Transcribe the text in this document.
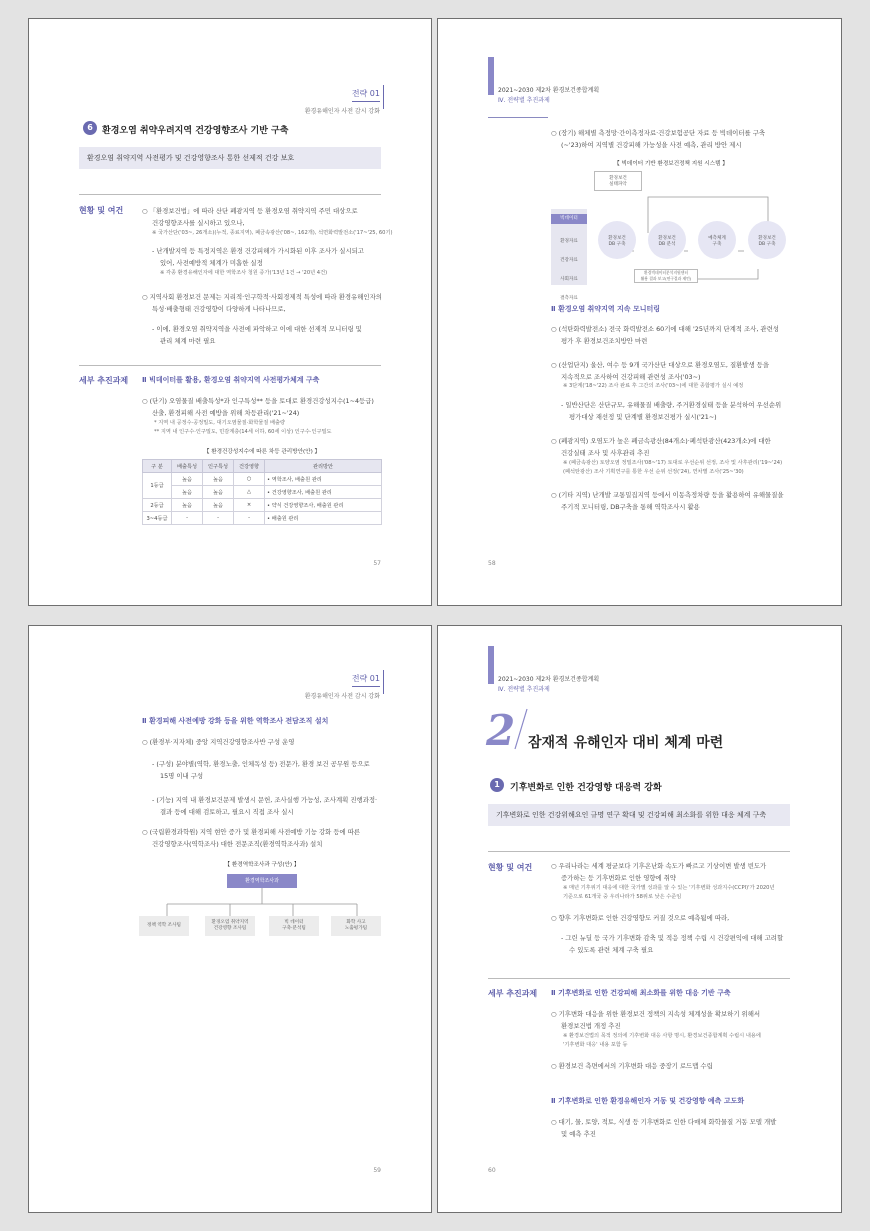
전략 01
환경유해인자 사전 감시 강화
6	환경오염 취약우려지역 건강영향조사 기반 구축
환경오염 취약지역 사전평가 및 건강영향조사 통한 선제적 건강 보호
현황 및 여건	○ 「환경보건법」에 따라 산단 폐광지역 등 환경오염 취약지역 주민 대상으로
건강영향조사를 실시하고 있으나,
※ 국가산단('03~, 26개소)(누적, 종료지역), 폐금속광산('08~, 162개), 석면화력발전소('17~'25, 60기)
- 난개발지역 등 특정지역은 환경 건강피해가 가시화된 이후 조사가 실시되고
있어, 사전예방적 체계가 미흡한 실정
※ 각종 환경유해인자에 대한 역학조사 청원 증가('13년 1건 → '20년 4건)
○ 지역사회 환경보건 문제는 지리적·인구학적·사회경제적 특성에 따라 환경유해인자의
특성·배출형태 건강영향이 다양하게 나타나므로,
- 이에, 환경오염 취약지역을 사전에 파악하고 이에 대한 선제적 모니터링 및
관리 체계 마련 필요
세부 추진과제 Ⅱ 빅데이터를 활용, 환경오염 취약지역 사전평가체계 구축
○ (단기) 오염물질 배출특성*과 인구특성** 등을 토대로 환경건강성지수(1~4등급)
산출, 환경피해 사전 예방을 위해 차등관리('21~'24)
* 지역 내 공정수·공정밀도, 대기오염물질·화학물질 배출량
** 지역 내 인구수·인구밀도, 민감계층(14세 이하, 60세 이상) 인구수·인구밀도
【 환경건강성지수에 따른 차등 관리방안(안) 】
구 분	배출특성	인구특성	건강영향	관리방안
1등급	높음	높음	○	• 역학조사, 배출원 관리
	높음	높음	△	• 건강영향조사, 배출원 관리
2등급	높음	높음	×	• 약식 건강영향조사, 배출원 관리
3~4등급	-	-	-	• 배출원 관리
57
2021~2030 제2차 환경보건종합계획
Ⅳ. 전략별 추진과제
○ (장기) 해체별 측정망·간이측정자료·건강보험공단 자료 등 빅데이터를 구축
(~'23)하여 지역별 건강피해 가능성을 사전 예측, 관리 방안 제시
【 빅데이터 기반 환경보건정책 지원 시스템 】
환경보건
실태파악

빅데이터

환경자료

건강자료

사회자료

결측자료

환경보건
DB 구축
환경보건
DB 분석
예측체계
구축
환경보건
DB 구축
환경빅데이터분석지원센터
활용 결과 보고(연구결과 제언)
Ⅱ 환경오염 취약지역 지속 모니터링
○ (석탄화력발전소) 전국 화력발전소 60기에 대해 '25년까지 단계적 조사, 관련성
평가 후 환경보건조치방안 마련
○ (산업단지) 울산, 여수 등 9개 국가산단 대상으로 환경오염도, 질환발생 등을
지속적으로 조사하여 건강피해 관련성 조사('03~)
※ 3단계('18~'22) 조사 완료 후 그간의 조사('03~)에 대한 종합평가 실시 예정
- 일반산단은 산단규모, 유해물질 배출량, 주거환경실태 등을 분석하여 우선순위
평가대상 재선정 및 단계별 환경보건평가 실시('21~)
○ (폐광지역) 오염도가 높은 폐금속광산(84개소)·폐석탄광산(423개소)에 대한
건강실태 조사 및 사후관리 추진
※ (폐금속광산) 토양오염 정밀조사('08~'17) 토대로 우선순위 선정, 조사 및 사후관리('19~'24)
(폐석탄광산) 조사 기획연구를 통한 우선 순위 선정('24), 연차별 조사('25~'30)
○ (기타 지역) 난개발 교통밀집지역 등에서 이동측정차량 등을 활용하여 유해물질을
주기적 모니터링, DB구축을 통해 역학조사시 활용
58
전략 01
환경유해인자 사전 감시 강화
Ⅱ 환경피해 사전예방 강화 등을 위한 역학조사 전담조직 설치
○ (환경부·지자체) 중앙 지역건강영향조사반 구성 운영
- (구성) 분야별(역학, 환경노출, 인체독성 등) 전문가, 환경 보건 공무원 등으로
15명 이내 구성
- (기능) 지역 내 환경보건문제 발생시 문헌, 조사실행 가능성, 조사계획 진행과정·
결과 등에 대해 검토하고, 필요시 직접 조사 실시
○ (국립환경과학원) 지역 현안 증가 및 환경피해 사전예방 기능 강화 등에 따른
건강영향조사(역학조사) 대한 전문조직(환경역학조사과) 설치
【 환경역학조사과 구성(안) 】
환경역학조사과
정책 역학 조사팀
환경오염 취약지역
건강영향 조사팀
빅 데이터
구축·분석팀
화학 사고
노출평가팀
59
2021~2030 제2차 환경보건종합계획
Ⅳ. 전략별 추진과제
2 잠재적 유해인자 대비 체계 마련
1	기후변화로 인한 건강영향 대응력 강화
기후변화로 인한 건강위해요인 규명 연구 확대 및 건강피해 최소화를 위한 대응 체계 구축
현황 및 여건	○ 우리나라는 세계 평균보다 기후온난화 속도가 빠르고 기상이변 발생 빈도가
증가하는 등 기후변화로 인한 영향에 취약
※ 매년 기후위기 대응에 대한 국가별 성과를 알 수 있는 '기후변화 성과지수(CCPI)'가 2020년
기준으로 61개국 중 우리나라가 58위로 낮은 수준임
○ 향후 기후변화로 인한 건강영향도 커질 것으로 예측됨에 따라,
- 그린 뉴딜 등 국가 기후변화 감축 및 적응 정책 수립 시 건강편익에 대해 고려할
수 있도록 관련 체계 구축 필요
세부 추진과제 Ⅱ 기후변화로 인한 건강피해 최소화를 위한 대응 기반 구축
○ 기후변화 대응을 위한 환경보건 정책의 지속성 체계성을 확보하기 위해서
환경보건법 개정 추진
※ 환경보건법의 목적 정의에 기후변화 대응 사항 명시, 환경보건종합계획 수립시 내용에
'기후변화 대응' 내용 포함 등
○ 환경보건 측면에서의 기후변화 대응 중장기 로드맵 수립
Ⅱ 기후변화로 인한 환경유해인자 거동 및 건강영향 예측 고도화
○ 대기, 물, 토양, 적토, 식생 등 기후변화로 인한 다매체 화학물질 거동 모델 개발
및 예측 추진
60
